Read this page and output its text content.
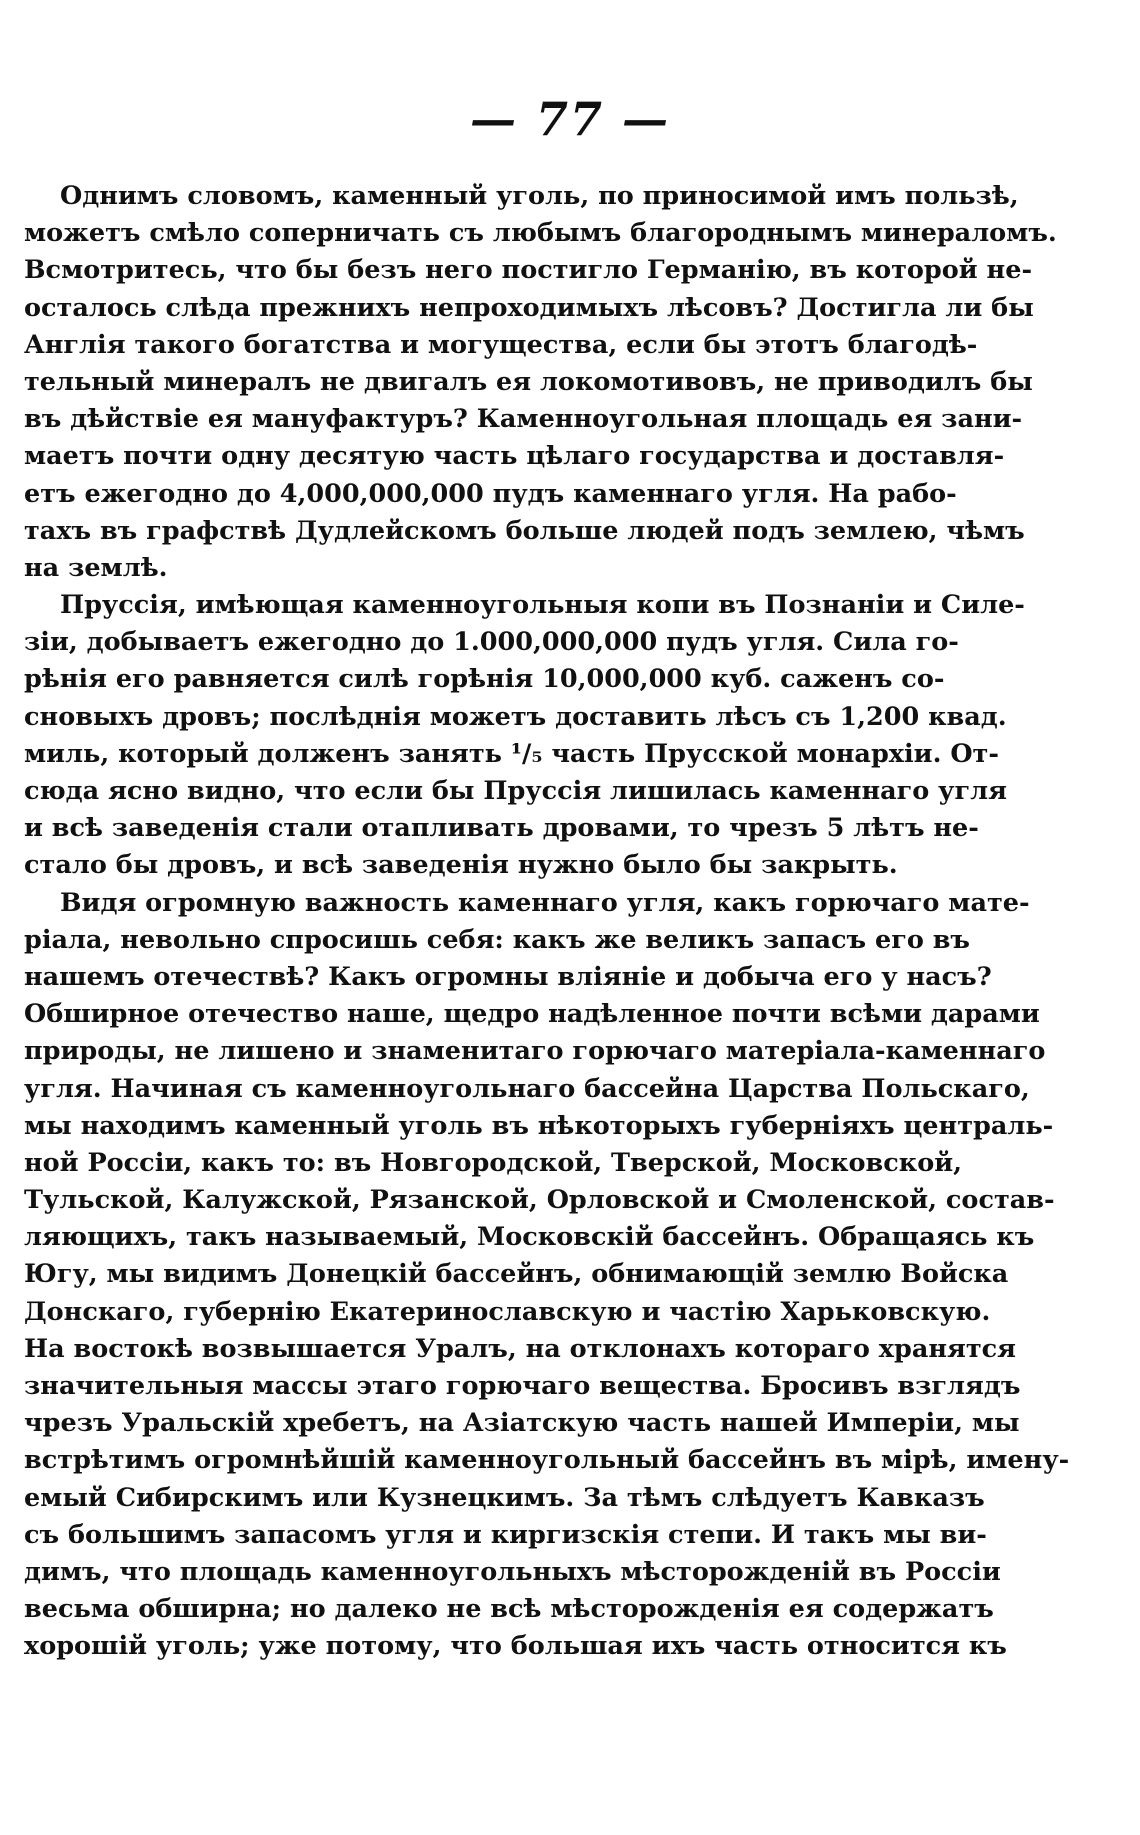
— 77 —
Однимъ словомъ, каменный уголь, по приносимой имъ пользѣ,
можетъ смѣло соперничать съ любымъ благороднымъ минераломъ.
Всмотритесь, что бы безъ него постигло Германію, въ которой не-
осталось слѣда прежнихъ непроходимыхъ лѣсовъ? Достигла ли бы
Англія такого богатства и могущества, если бы этотъ благодѣ-
тельный минералъ не двигалъ ея локомотивовъ, не приводилъ бы
въ дѣйствіе ея мануфактуръ? Каменноугольная площадь ея зани-
маетъ почти одну десятую часть цѣлаго государства и доставля-
етъ ежегодно до 4,000,000,000 пудъ каменнаго угля. На рабо-
тахъ въ графствѣ Дудлейскомъ больше людей подъ землею, чѣмъ
на землѣ.
Пруссія, имѣющая каменноугольныя копи въ Познаніи и Силе-
зіи, добываетъ ежегодно до 1.000,000,000 пудъ угля. Сила го-
рѣнія его равняется силѣ горѣнія 10,000,000 куб. саженъ со-
сновыхъ дровъ; послѣднія можетъ доставить лѣсъ съ 1,200 квад.
миль, который долженъ занять ¹/₅ часть Прусской монархіи. От-
сюда ясно видно, что если бы Пруссія лишилась каменнаго угля
и всѣ заведенія стали отапливать дровами, то чрезъ 5 лѣтъ не-
стало бы дровъ, и всѣ заведенія нужно было бы закрыть.
Видя огромную важность каменнаго угля, какъ горючаго мате-
ріала, невольно спросишь себя: какъ же великъ запасъ его въ
нашемъ отечествѣ? Какъ огромны вліяніе и добыча его у насъ?
Обширное отечество наше, щедро надѣленное почти всѣми дарами
природы, не лишено и знаменитаго горючаго матеріала-каменнаго
угля. Начиная съ каменноугольнаго бассейна Царства Польскаго,
мы находимъ каменный уголь въ нѣкоторыхъ губерніяхъ централь-
ной Россіи, какъ то: въ Новгородской, Тверской, Московской,
Тульской, Калужской, Рязанской, Орловской и Смоленской, состав-
ляющихъ, такъ называемый, Московскій бассейнъ. Обращаясь къ
Югу, мы видимъ Донецкій бассейнъ, обнимающій землю Войска
Донскаго, губернію Екатеринославскую и частію Харьковскую.
На востокѣ возвышается Уралъ, на отклонахъ котораго хранятся
значительныя массы этаго горючаго вещества. Бросивъ взглядъ
чрезъ Уральскій хребетъ, на Азіатскую часть нашей Имперіи, мы
встрѣтимъ огромнѣйшій каменноугольный бассейнъ въ мірѣ, имену-
емый Сибирскимъ или Кузнецкимъ. За тѣмъ слѣдуетъ Кавказъ
съ большимъ запасомъ угля и киргизскія степи. И такъ мы ви-
димъ, что площадь каменноугольныхъ мѣсторожденій въ Россіи
весьма обширна; но далеко не всѣ мѣсторожденія ея содержатъ
хорошій уголь; уже потому, что большая ихъ часть относится къ
